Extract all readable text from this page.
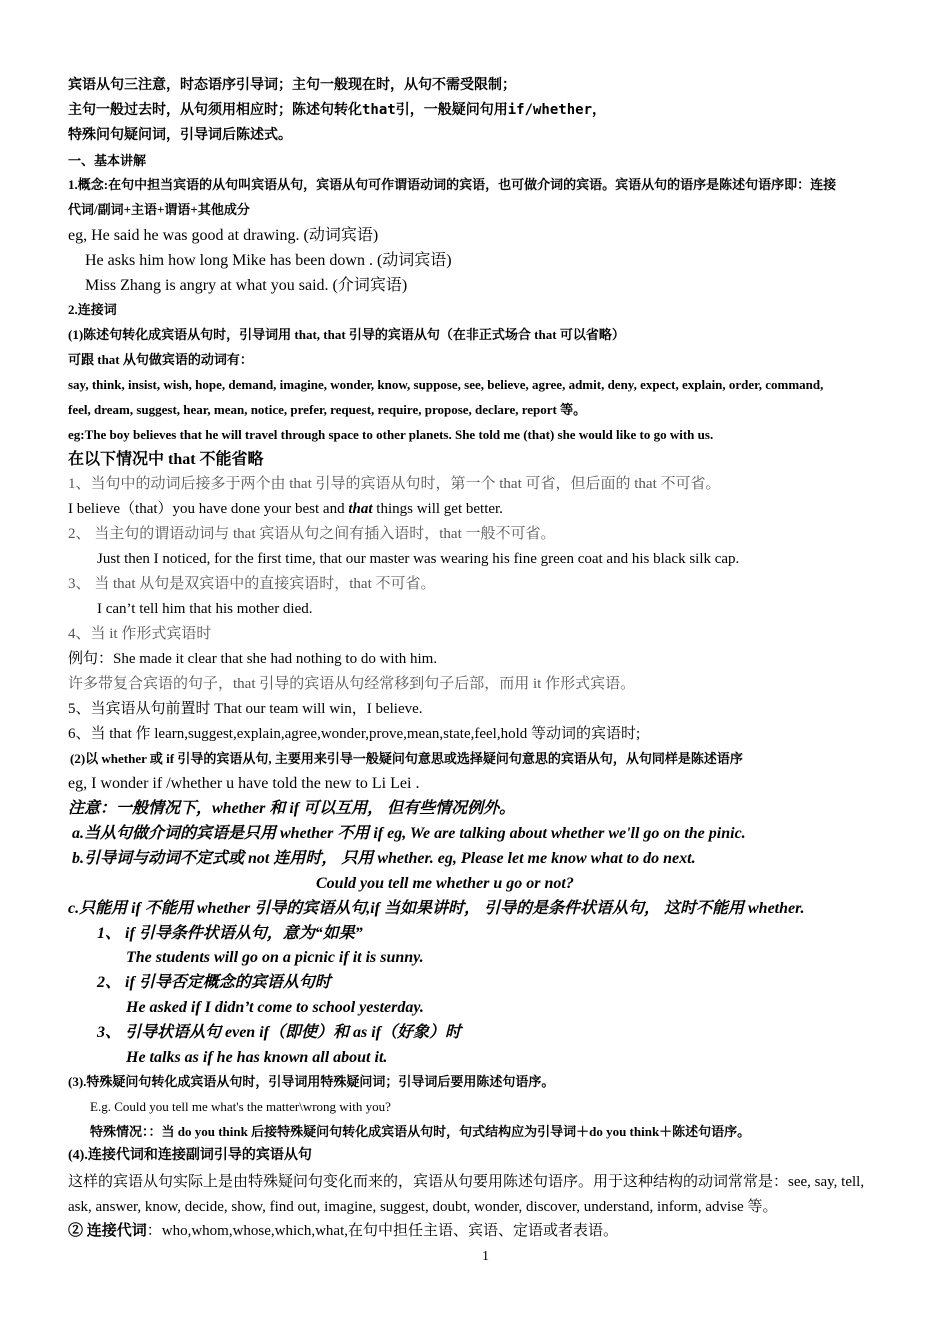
宾语从句三注意，时态语序引导词；主句一般现在时，从句不需受限制；
主句一般过去时，从句须用相应时；陈述句转化that引，一般疑问句用if/whether，
特殊问句疑问词，引导词后陈述式。
一、基本讲解
1.概念:在句中担当宾语的从句叫宾语从句，宾语从句可作谓语动词的宾语，也可做介词的宾语。宾语从句的语序是陈述句语序即：连接
代词/副词+主语+谓语+其他成分
eg, He said he was good at drawing. (动词宾语)
He asks him how long Mike has been down . (动词宾语)
Miss Zhang is angry at what you said. (介词宾语)
2.连接词
(1)陈述句转化成宾语从句时，引导词用 that, that 引导的宾语从句（在非正式场合 that 可以省略）
可跟 that 从句做宾语的动词有：
say, think, insist, wish, hope, demand, imagine, wonder, know, suppose, see, believe, agree, admit, deny, expect, explain, order, command,
feel, dream, suggest, hear, mean, notice, prefer, request, require, propose, declare, report 等。
eg:The boy believes that he will travel through space to other planets. She told me (that) she would like to go with us.
在以下情况中 that 不能省略
1、当句中的动词后接多于两个由 that 引导的宾语从句时，第一个 that 可省，但后面的 that 不可省。
I believe（that）you have done your best and that things will get better.
2、 当主句的谓语动词与 that 宾语从句之间有插入语时，that 一般不可省。
Just then I noticed, for the first time, that our master was wearing his fine green coat and his black silk cap.
3、 当 that 从句是双宾语中的直接宾语时，that 不可省。
I can’t tell him that his mother died.
4、当 it 作形式宾语时
例句：She made it clear that she had nothing to do with him.
许多带复合宾语的句子，that 引导的宾语从句经常移到句子后部，而用 it 作形式宾语。
5、当宾语从句前置时 That our team will win，I believe.
6、当 that 作 learn,suggest,explain,agree,wonder,prove,mean,state,feel,hold 等动词的宾语时;
(2)以 whether 或 if 引导的宾语从句, 主要用来引导一般疑问句意思或选择疑问句意思的宾语从句，从句同样是陈述语序
eg, I wonder if /whether u have told the new to Li Lei .
注意：一般情况下，whether 和 if 可以互用， 但有些情况例外。
a.当从句做介词的宾语是只用 whether 不用 if eg, We are talking about whether we'll go on the pinic.
b.引导词与动词不定式或 not 连用时， 只用 whether. eg, Please let me know what to do next.
Could you tell me whether u go or not?
c.只能用 if 不能用 whether 引导的宾语从句,if 当如果讲时， 引导的是条件状语从句， 这时不能用 whether.
1、 if 引导条件状语从句，意为“如果”
The students will go on a picnic if it is sunny.
2、 if 引导否定概念的宾语从句时
He asked if I didn’t come to school yesterday.
3、 引导状语从句 even if（即使）和 as if（好象）时
He talks as if he has known all about it.
(3).特殊疑问句转化成宾语从句时，引导词用特殊疑问词；引导词后要用陈述句语序。
E.g. Could you tell me what's the matter\wrong with you?
特殊情况：：当 do you think 后接特殊疑问句转化成宾语从句时，句式结构应为引导词＋do you think＋陈述句语序。
(4).连接代词和连接副词引导的宾语从句
这样的宾语从句实际上是由特殊疑问句变化而来的，宾语从句要用陈述句语序。用于这种结构的动词常常是：see, say, tell,
ask, answer, know, decide, show, find out, imagine, suggest, doubt, wonder, discover, understand, inform, advise 等。
② 连接代词：who,whom,whose,which,what,在句中担任主语、宾语、定语或者表语。
1
